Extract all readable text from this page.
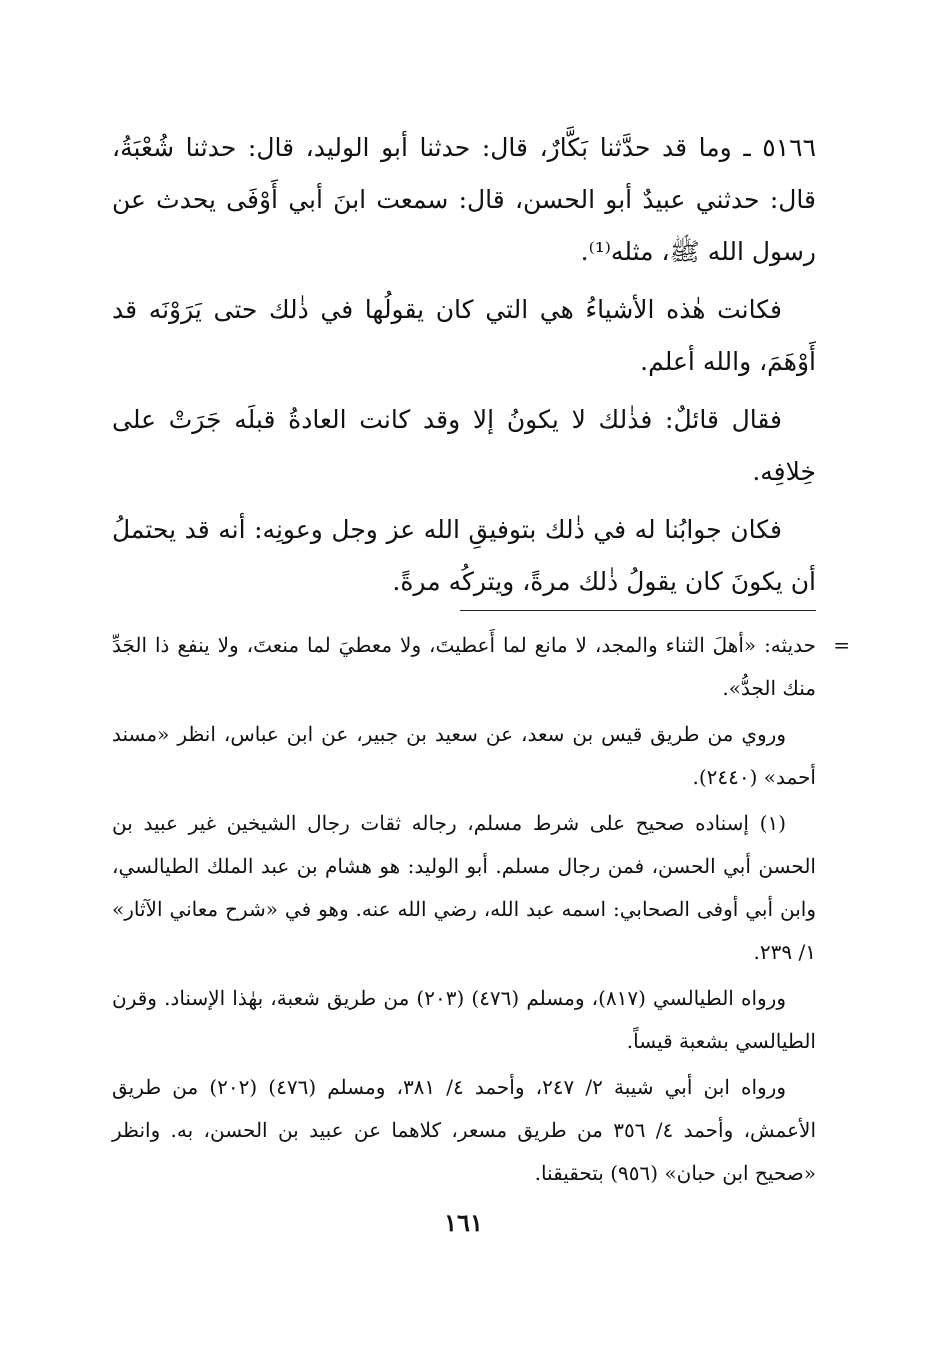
٥١٦٦ ـ وما قد حدَّثنا بَكَّارٌ، قال: حدثنا أبو الوليد، قال: حدثنا شُعْبَةُ، قال: حدثني عبيدٌ أبو الحسن، قال: سمعت ابنَ أبي أَوْفَى يحدث عن رسول الله ﷺ، مثله⁽¹⁾.

فكانت هٰذه الأشياءُ هي التي كان يقولُها في ذٰلك حتى يَرَوْنَه قد أَوْهَمَ، والله أعلم.

فقال قائلٌ: فذٰلك لا يكونُ إلا وقد كانت العادةُ قبلَه جَرَتْ على خِلافِه.

فكان جوابُنا له في ذٰلك بتوفيقِ الله عز وجل وعونِه: أنه قد يحتملُ أن يكونَ كان يقولُ ذٰلك مرةً، ويتركُه مرةً.

=
حديثه: «أهلَ الثناء والمجد، لا مانع لما أَعطيتَ، ولا معطيَ لما منعتَ، ولا ينفع ذا الجَدِّ منك الجدُّ».

وروي من طريق قيس بن سعد، عن سعيد بن جبير، عن ابن عباس، انظر «مسند أحمد» (٢٤٤٠).

(١) إسناده صحيح على شرط مسلم، رجاله ثقات رجال الشيخين غير عبيد بن الحسن أبي الحسن، فمن رجال مسلم. أبو الوليد: هو هشام بن عبد الملك الطيالسي، وابن أبي أوفى الصحابي: اسمه عبد الله، رضي الله عنه. وهو في «شرح معاني الآثار» ١/ ٢٣٩.

ورواه الطيالسي (٨١٧)، ومسلم (٤٧٦) (٢٠٣) من طريق شعبة، بهٰذا الإسناد. وقرن الطيالسي بشعبة قيساً.

ورواه ابن أبي شيبة ٢/ ٢٤٧، وأحمد ٤/ ٣٨١، ومسلم (٤٧٦) (٢٠٢) من طريق الأعمش، وأحمد ٤/ ٣٥٦ من طريق مسعر، كلاهما عن عبيد بن الحسن، به. وانظر «صحيح ابن حبان» (٩٥٦) بتحقيقنا.

١٦١
